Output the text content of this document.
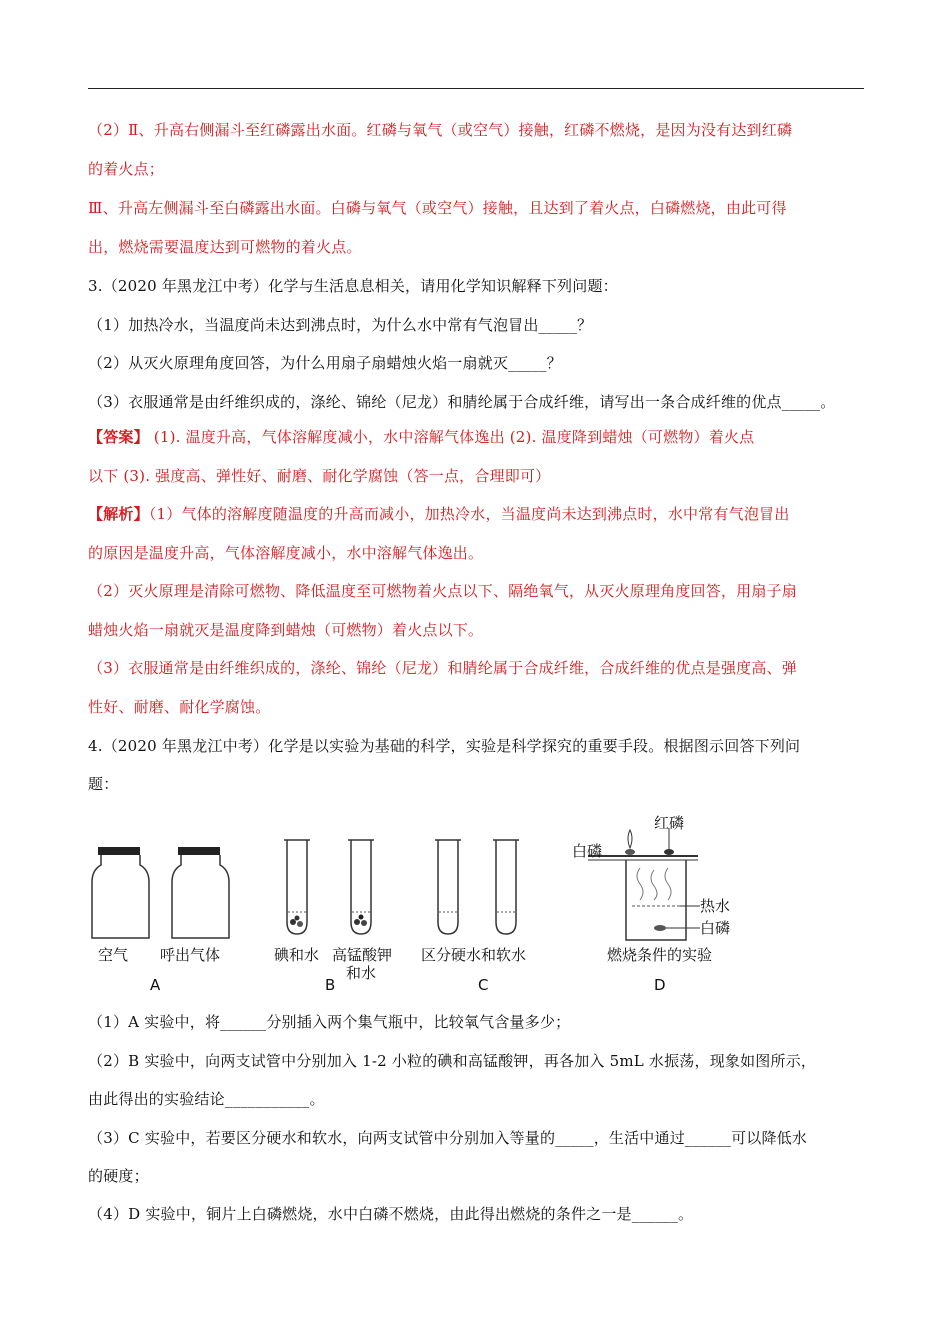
（2）Ⅱ、升高右侧漏斗至红磷露出水面。红磷与氧气（或空气）接触，红磷不燃烧，是因为没有达到红磷
的着火点；
Ⅲ、升高左侧漏斗至白磷露出水面。白磷与氧气（或空气）接触，且达到了着火点，白磷燃烧，由此可得
出，燃烧需要温度达到可燃物的着火点。
3.（2020 年黑龙江中考）化学与生活息息相关，请用化学知识解释下列问题：
（1）加热冷水，当温度尚未达到沸点时，为什么水中常有气泡冒出_____？
（2）从灭火原理角度回答，为什么用扇子扇蜡烛火焰一扇就灭_____？
（3）衣服通常是由纤维织成的，涤纶、锦纶（尼龙）和腈纶属于合成纤维，请写出一条合成纤维的优点_____。
【答案】 (1). 温度升高，气体溶解度减小，水中溶解气体逸出 (2). 温度降到蜡烛（可燃物）着火点
以下 (3). 强度高、弹性好、耐磨、耐化学腐蚀（答一点，合理即可）
【解析】（1）气体的溶解度随温度的升高而减小，加热冷水，当温度尚未达到沸点时，水中常有气泡冒出
的原因是温度升高，气体溶解度减小，水中溶解气体逸出。
（2）灭火原理是清除可燃物、降低温度至可燃物着火点以下、隔绝氧气，从灭火原理角度回答，用扇子扇
蜡烛火焰一扇就灭是温度降到蜡烛（可燃物）着火点以下。
（3）衣服通常是由纤维织成的，涤纶、锦纶（尼龙）和腈纶属于合成纤维，合成纤维的优点是强度高、弹
性好、耐磨、耐化学腐蚀。
4.（2020 年黑龙江中考）化学是以实验为基础的科学，实验是科学探究的重要手段。根据图示回答下列问
题：
空气 呼出气体
A
碘和水 高锰酸钾
和水
B
区分硬水和软水
C
红磷
白磷
热水
白磷
燃烧条件的实验
D
（1）A 实验中，将______分别插入两个集气瓶中，比较氧气含量多少；
（2）B 实验中，向两支试管中分别加入 1-2 小粒的碘和高锰酸钾，再各加入 5mL 水振荡，现象如图所示，
由此得出的实验结论___________。
（3）C 实验中，若要区分硬水和软水，向两支试管中分别加入等量的_____，生活中通过______可以降低水
的硬度；
（4）D 实验中，铜片上白磷燃烧，水中白磷不燃烧，由此得出燃烧的条件之一是______。
